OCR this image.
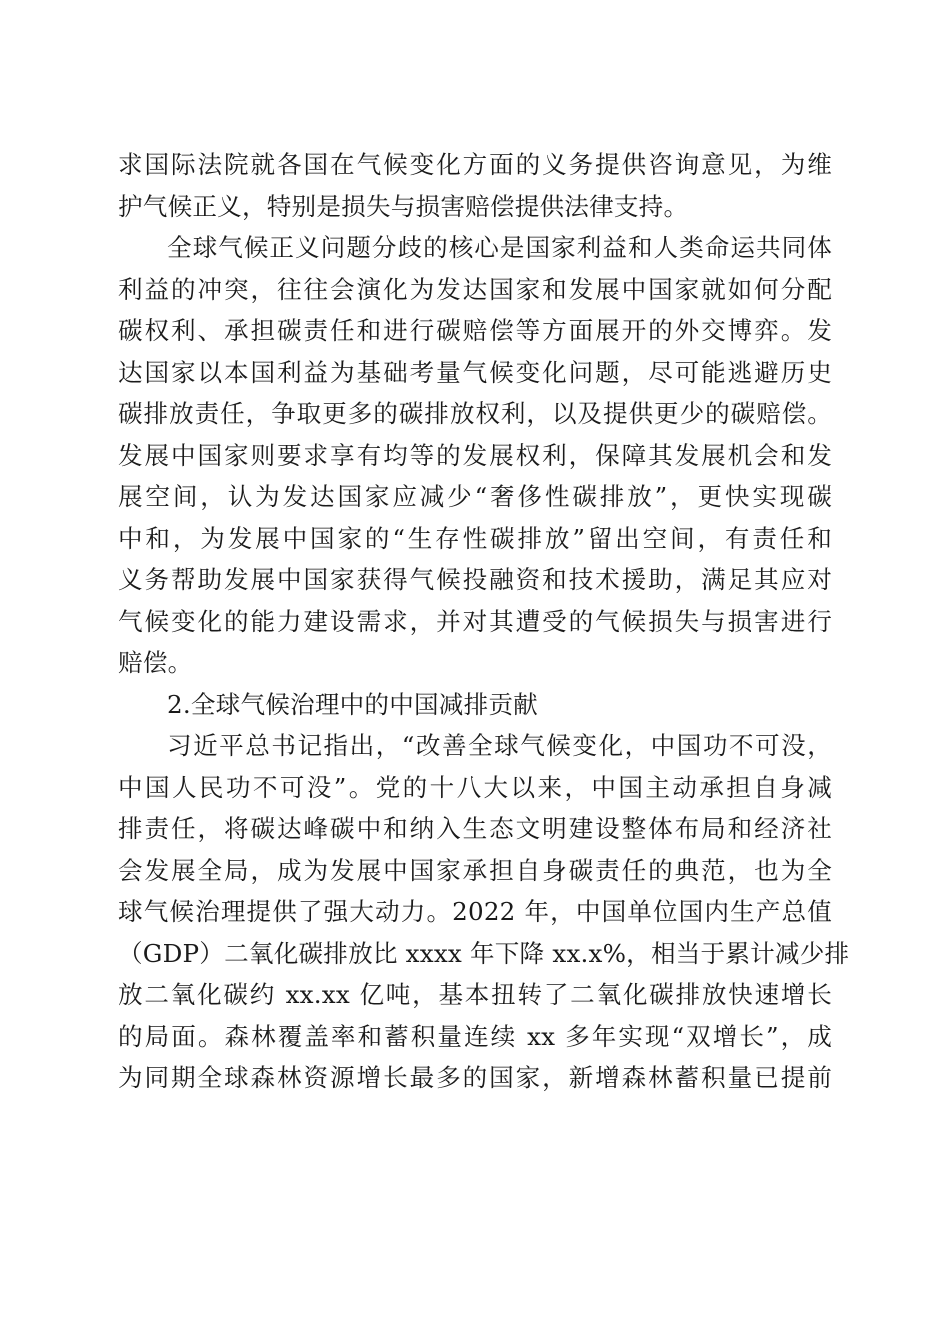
求国际法院就各国在气候变化方面的义务提供咨询意见，为维
护气候正义，特别是损失与损害赔偿提供法律支持。
全球气候正义问题分歧的核心是国家利益和人类命运共同体
利益的冲突，往往会演化为发达国家和发展中国家就如何分配
碳权利、承担碳责任和进行碳赔偿等方面展开的外交博弈。发
达国家以本国利益为基础考量气候变化问题，尽可能逃避历史
碳排放责任，争取更多的碳排放权利，以及提供更少的碳赔偿。
发展中国家则要求享有均等的发展权利，保障其发展机会和发
展空间，认为发达国家应减少“奢侈性碳排放”，更快实现碳
中和，为发展中国家的“生存性碳排放”留出空间，有责任和
义务帮助发展中国家获得气候投融资和技术援助，满足其应对
气候变化的能力建设需求，并对其遭受的气候损失与损害进行
赔偿。
2.全球气候治理中的中国减排贡献
习近平总书记指出，“改善全球气候变化，中国功不可没，
中国人民功不可没”。党的十八大以来，中国主动承担自身减
排责任，将碳达峰碳中和纳入生态文明建设整体布局和经济社
会发展全局，成为发展中国家承担自身碳责任的典范，也为全
球气候治理提供了强大动力。2022 年，中国单位国内生产总值
（GDP）二氧化碳排放比 xxxx 年下降 xx.x%，相当于累计减少排
放二氧化碳约 xx.xx 亿吨，基本扭转了二氧化碳排放快速增长
的局面。森林覆盖率和蓄积量连续 xx 多年实现“双增长”，成
为同期全球森林资源增长最多的国家，新增森林蓄积量已提前
